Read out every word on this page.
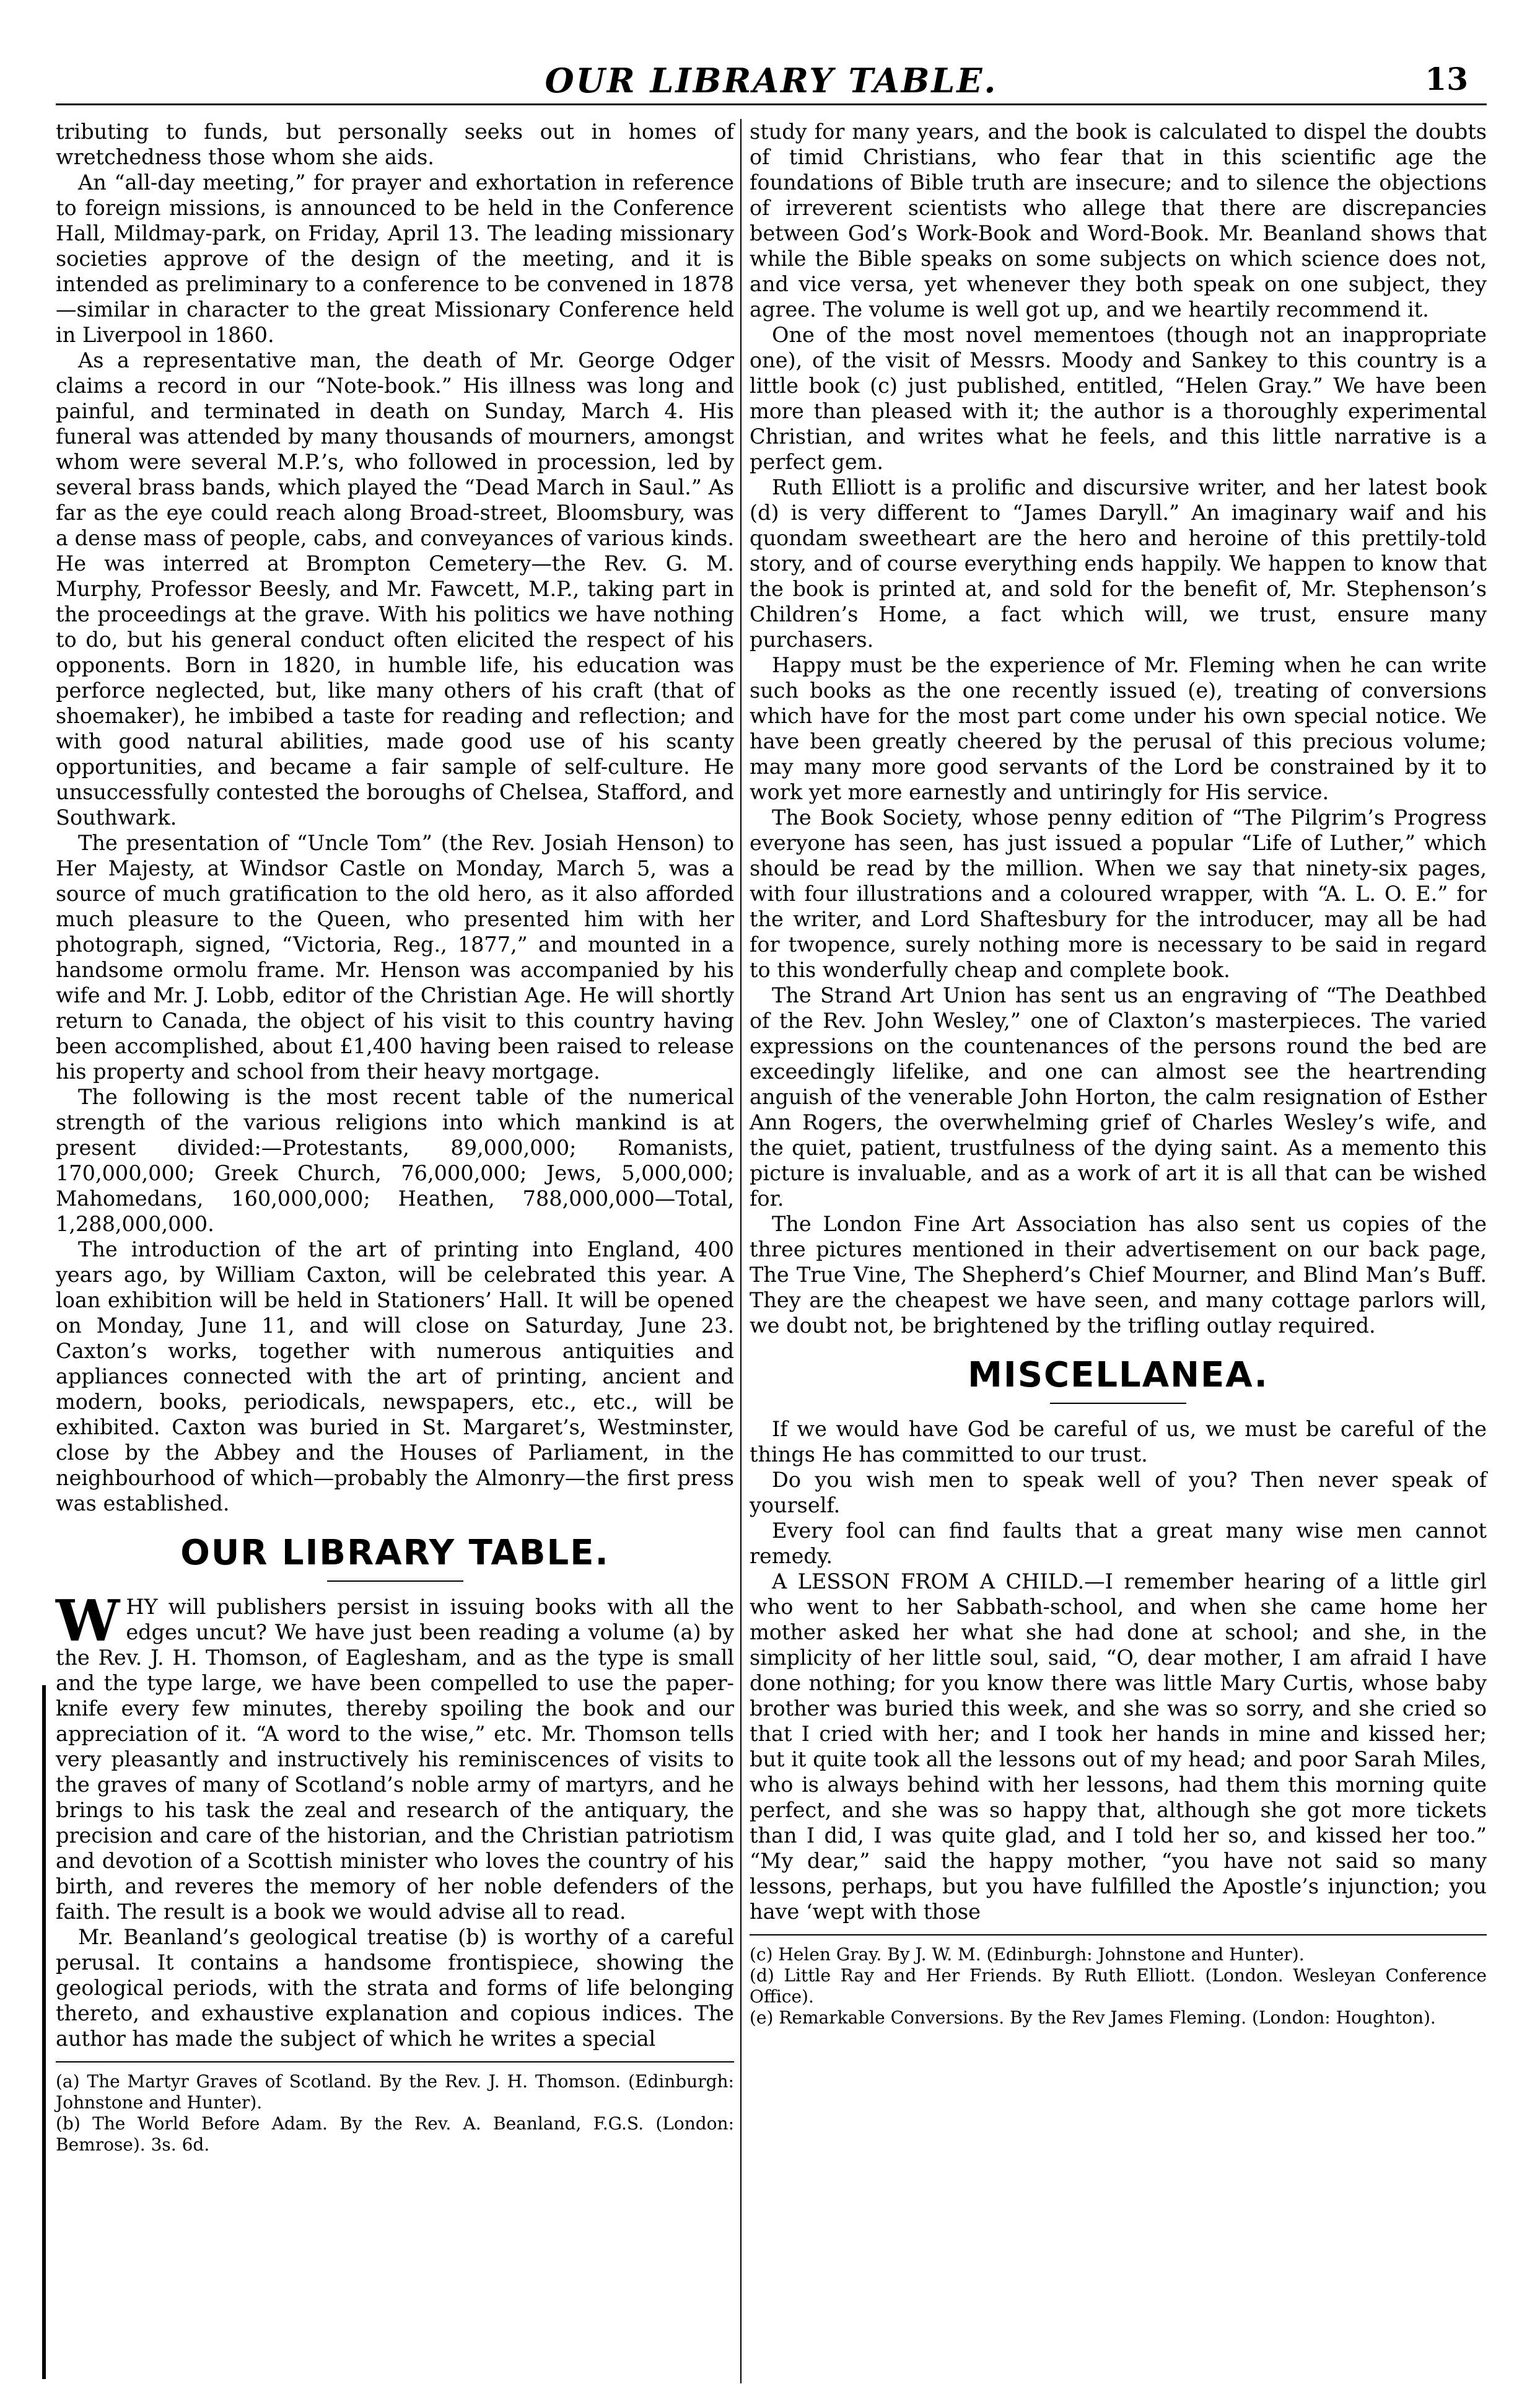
OUR LIBRARY TABLE.	13

tributing to funds, but personally seeks out in homes of wretchedness those whom she aids.

An “all-day meeting,” for prayer and exhortation in reference to foreign missions, is announced to be held in the Conference Hall, Mildmay-park, on Friday, April 13. The leading missionary societies approve of the design of the meeting, and it is intended as preliminary to a conference to be convened in 1878—similar in character to the great Missionary Conference held in Liverpool in 1860.

As a representative man, the death of Mr. George Odger claims a record in our “Note-book.” His illness was long and painful, and terminated in death on Sunday, March 4. His funeral was attended by many thousands of mourners, amongst whom were several M.P.’s, who followed in procession, led by several brass bands, which played the “Dead March in Saul.” As far as the eye could reach along Broad-street, Bloomsbury, was a dense mass of people, cabs, and conveyances of various kinds. He was interred at Brompton Cemetery—the Rev. G. M. Murphy, Professor Beesly, and Mr. Fawcett, M.P., taking part in the proceedings at the grave. With his politics we have nothing to do, but his general conduct often elicited the respect of his opponents. Born in 1820, in humble life, his education was perforce neglected, but, like many others of his craft (that of shoemaker), he imbibed a taste for reading and reflection; and with good natural abilities, made good use of his scanty opportunities, and became a fair sample of self-culture. He unsuccessfully contested the boroughs of Chelsea, Stafford, and Southwark.

The presentation of “Uncle Tom” (the Rev. Josiah Henson) to Her Majesty, at Windsor Castle on Monday, March 5, was a source of much gratification to the old hero, as it also afforded much pleasure to the Queen, who presented him with her photograph, signed, “Victoria, Reg., 1877,” and mounted in a handsome ormolu frame. Mr. Henson was accompanied by his wife and Mr. J. Lobb, editor of the Christian Age. He will shortly return to Canada, the object of his visit to this country having been accomplished, about £1,400 having been raised to release his property and school from their heavy mortgage.

The following is the most recent table of the numerical strength of the various religions into which mankind is at present divided:—Protestants, 89,000,000; Romanists, 170,000,000; Greek Church, 76,000,000; Jews, 5,000,000; Mahomedans, 160,000,000; Heathen, 788,000,000—Total, 1,288,000,000.

The introduction of the art of printing into England, 400 years ago, by William Caxton, will be celebrated this year. A loan exhibition will be held in Stationers’ Hall. It will be opened on Monday, June 11, and will close on Saturday, June 23. Caxton’s works, together with numerous antiquities and appliances connected with the art of printing, ancient and modern, books, periodicals, newspapers, etc., etc., will be exhibited. Caxton was buried in St. Margaret’s, Westminster, close by the Abbey and the Houses of Parliament, in the neighbourhood of which—probably the Almonry—the first press was established.

OUR LIBRARY TABLE.

WHY will publishers persist in issuing books with all the edges uncut? We have just been reading a volume (a) by the Rev. J. H. Thomson, of Eaglesham, and as the type is small and the type large, we have been compelled to use the paper-knife every few minutes, thereby spoiling the book and our appreciation of it. “A word to the wise,” etc. Mr. Thomson tells very pleasantly and instructively his reminiscences of visits to the graves of many of Scotland’s noble army of martyrs, and he brings to his task the zeal and research of the antiquary, the precision and care of the historian, and the Christian patriotism and devotion of a Scottish minister who loves the country of his birth, and reveres the memory of her noble defenders of the faith. The result is a book we would advise all to read.

Mr. Beanland’s geological treatise (b) is worthy of a careful perusal. It contains a handsome frontispiece, showing the geological periods, with the strata and forms of life belonging thereto, and exhaustive explanation and copious indices. The author has made the subject of which he writes a special

(a) The Martyr Graves of Scotland. By the Rev. J. H. Thomson. (Edinburgh: Johnstone and Hunter).

(b) The World Before Adam. By the Rev. A. Beanland, F.G.S. (London: Bemrose). 3s. 6d.

study for many years, and the book is calculated to dispel the doubts of timid Christians, who fear that in this scientific age the foundations of Bible truth are insecure; and to silence the objections of irreverent scientists who allege that there are discrepancies between God’s Work-Book and Word-Book. Mr. Beanland shows that while the Bible speaks on some subjects on which science does not, and vice versa, yet whenever they both speak on one subject, they agree. The volume is well got up, and we heartily recommend it.

One of the most novel mementoes (though not an inappropriate one), of the visit of Messrs. Moody and Sankey to this country is a little book (c) just published, entitled, “Helen Gray.” We have been more than pleased with it; the author is a thoroughly experimental Christian, and writes what he feels, and this little narrative is a perfect gem.

Ruth Elliott is a prolific and discursive writer, and her latest book (d) is very different to “James Daryll.” An imaginary waif and his quondam sweetheart are the hero and heroine of this prettily-told story, and of course everything ends happily. We happen to know that the book is printed at, and sold for the benefit of, Mr. Stephenson’s Children’s Home, a fact which will, we trust, ensure many purchasers.

Happy must be the experience of Mr. Fleming when he can write such books as the one recently issued (e), treating of conversions which have for the most part come under his own special notice. We have been greatly cheered by the perusal of this precious volume; may many more good servants of the Lord be constrained by it to work yet more earnestly and untiringly for His service.

The Book Society, whose penny edition of “The Pilgrim’s Progress everyone has seen, has just issued a popular “Life of Luther,” which should be read by the million. When we say that ninety-six pages, with four illustrations and a coloured wrapper, with “A. L. O. E.” for the writer, and Lord Shaftesbury for the introducer, may all be had for twopence, surely nothing more is necessary to be said in regard to this wonderfully cheap and complete book.

The Strand Art Union has sent us an engraving of “The Deathbed of the Rev. John Wesley,” one of Claxton’s masterpieces. The varied expressions on the countenances of the persons round the bed are exceedingly lifelike, and one can almost see the heartrending anguish of the venerable John Horton, the calm resignation of Esther Ann Rogers, the overwhelming grief of Charles Wesley’s wife, and the quiet, patient, trustfulness of the dying saint. As a memento this picture is invaluable, and as a work of art it is all that can be wished for.

The London Fine Art Association has also sent us copies of the three pictures mentioned in their advertisement on our back page, The True Vine, The Shepherd’s Chief Mourner, and Blind Man’s Buff. They are the cheapest we have seen, and many cottage parlors will, we doubt not, be brightened by the trifling outlay required.

MISCELLANEA.

If we would have God be careful of us, we must be careful of the things He has committed to our trust.

Do you wish men to speak well of you? Then never speak of yourself.

Every fool can find faults that a great many wise men cannot remedy.

A LESSON FROM A CHILD.—I remember hearing of a little girl who went to her Sabbath-school, and when she came home her mother asked her what she had done at school; and she, in the simplicity of her little soul, said, “O, dear mother, I am afraid I have done nothing; for you know there was little Mary Curtis, whose baby brother was buried this week, and she was so sorry, and she cried so that I cried with her; and I took her hands in mine and kissed her; but it quite took all the lessons out of my head; and poor Sarah Miles, who is always behind with her lessons, had them this morning quite perfect, and she was so happy that, although she got more tickets than I did, I was quite glad, and I told her so, and kissed her too.” “My dear,” said the happy mother, “you have not said so many lessons, perhaps, but you have fulfilled the Apostle’s injunction; you have ‘wept with those

(c) Helen Gray. By J. W. M. (Edinburgh: Johnstone and Hunter).

(d) Little Ray and Her Friends. By Ruth Elliott. (London. Wesleyan Conference Office).

(e) Remarkable Conversions. By the Rev James Fleming. (London: Houghton).
